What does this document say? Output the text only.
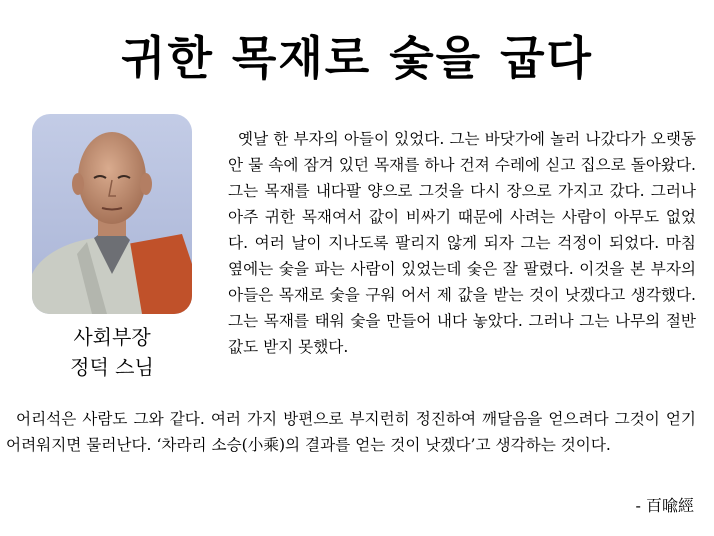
귀한 목재로 숯을 굽다
사회부장
정덕 스님

옛날 한 부자의 아들이 있었다. 그는 바닷가에 놀러 나갔다가 오랫동안 물 속에 잠겨 있던 목재를 하나 건져 수레에 싣고 집으로 돌아왔다. 그는 목재를 내다팔 양으로 그것을 다시 장으로 가지고 갔다. 그러나 아주 귀한 목재여서 값이 비싸기 때문에 사려는 사람이 아무도 없었다. 여러 날이 지나도록 팔리지 않게 되자 그는 걱정이 되었다. 마침 옆에는 숯을 파는 사람이 있었는데 숯은 잘 팔렸다. 이것을 본 부자의 아들은 목재로 숯을 구워 어서 제 값을 받는 것이 낫겠다고 생각했다. 그는 목재를 태워 숯을 만들어 내다 놓았다. 그러나 그는 나무의 절반 값도 받지 못했다.

어리석은 사람도 그와 같다. 여러 가지 방편으로 부지런히 정진하여 깨달음을 얻으려다 그것이 얻기 어려워지면 물러난다. ‘차라리 소승(小乘)의 결과를 얻는 것이 낫겠다’고 생각하는 것이다.

- 百喩經
